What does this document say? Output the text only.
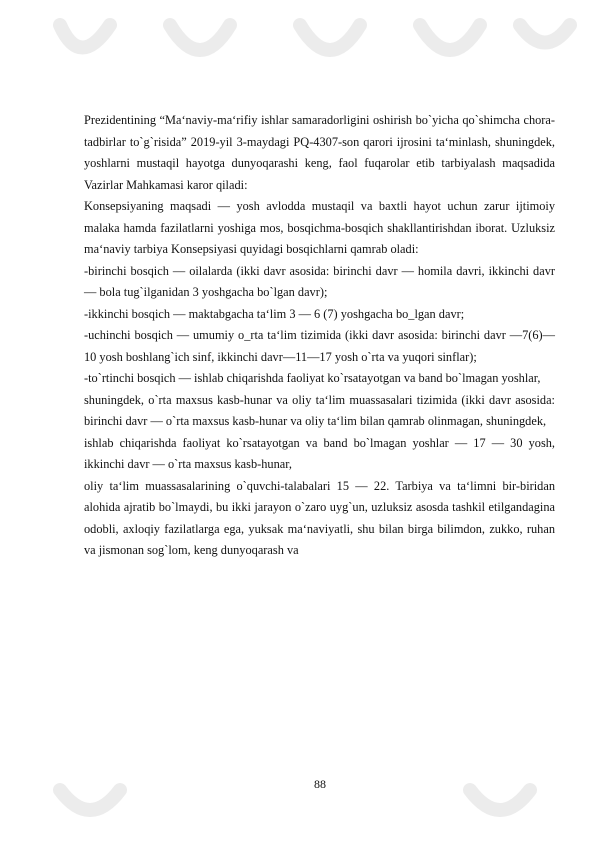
Prezidentining “Ma‘naviy-ma‘rifiy ishlar samaradorligini oshirish bo`yicha qo`shimcha chora-tadbirlar to`g`risida” 2019-yil 3-maydagi PQ-4307-son qarori ijrosini ta‘minlash, shuningdek, yoshlarni mustaqil hayotga dunyoqarashi keng, faol fuqarolar etib tarbiyalash maqsadida Vazirlar Mahkamasi karor qiladi:

Konsepsiyaning maqsadi — yosh avlodda mustaqil va baxtli hayot uchun zarur ijtimoiy malaka hamda fazilatlarni yoshiga mos, bosqichma-bosqich shakllantirishdan iborat. Uzluksiz ma‘naviy tarbiya Konsepsiyasi quyidagi bosqichlarni qamrab oladi:

-birinchi bosqich — oilalarda (ikki davr asosida: birinchi davr — homila davri, ikkinchi davr — bola tug`ilganidan 3 yoshgacha bo`lgan davr);

-ikkinchi bosqich — maktabgacha ta‘lim 3 — 6 (7) yoshgacha bo_lgan davr;

-uchinchi bosqich — umumiy o_rta ta‘lim tizimida (ikki davr asosida: birinchi davr —7(6)—10 yosh boshlang`ich sinf, ikkinchi davr—11—17 yosh o`rta va yuqori sinflar);

-to`rtinchi bosqich — ishlab chiqarishda faoliyat ko`rsatayotgan va band bo`lmagan yoshlar,

shuningdek, o`rta maxsus kasb-hunar va oliy ta‘lim muassasalari tizimida (ikki davr asosida: birinchi davr — o`rta maxsus kasb-hunar va oliy ta‘lim bilan qamrab olinmagan, shuningdek,

ishlab chiqarishda faoliyat ko`rsatayotgan va band bo`lmagan yoshlar — 17 — 30 yosh, ikkinchi davr — o`rta maxsus kasb-hunar,

oliy ta‘lim muassasalarining o`quvchi-talabalari 15 — 22. Tarbiya va ta‘limni bir-biridan alohida ajratib bo`lmaydi, bu ikki jarayon o`zaro uyg`un, uzluksiz asosda tashkil etilgandagina odobli, axloqiy fazilatlarga ega, yuksak ma‘naviyatli, shu bilan birga bilimdon, zukko, ruhan va jismonan sog`lom, keng dunyoqarash va

88
